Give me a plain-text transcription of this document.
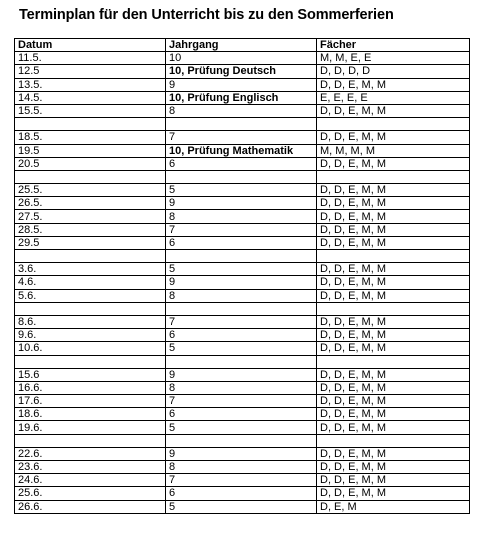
Terminplan für den Unterricht bis zu den Sommerferien
Datum	Jahrgang	Fächer
11.5.	10	M, M, E, E
12.5	10, Prüfung Deutsch	D, D, D, D
13.5.	9	D, D, E, M, M
14.5.	10, Prüfung Englisch	E, E, E, E
15.5.	8	D, D, E, M, M

18.5.	7	D, D, E, M, M
19.5	10, Prüfung Mathematik	M, M, M, M
20.5	6	D, D, E, M, M

25.5.	5	D, D, E, M, M
26.5.	9	D, D, E, M, M
27.5.	8	D, D, E, M, M
28.5.	7	D, D, E, M, M
29.5	6	D, D, E, M, M

3.6.	5	D, D, E, M, M
4.6.	9	D, D, E, M, M
5.6.	8	D, D, E, M, M

8.6.	7	D, D, E, M, M
9.6.	6	D, D, E, M, M
10.6.	5	D, D, E, M, M

15.6	9	D, D, E, M, M
16.6.	8	D, D, E, M, M
17.6.	7	D, D, E, M, M
18.6.	6	D, D, E, M, M
19.6.	5	D, D, E, M, M

22.6.	9	D, D, E, M, M
23.6.	8	D, D, E, M, M
24.6.	7	D, D, E, M, M
25.6.	6	D, D, E, M, M
26.6.	5	D, E, M
